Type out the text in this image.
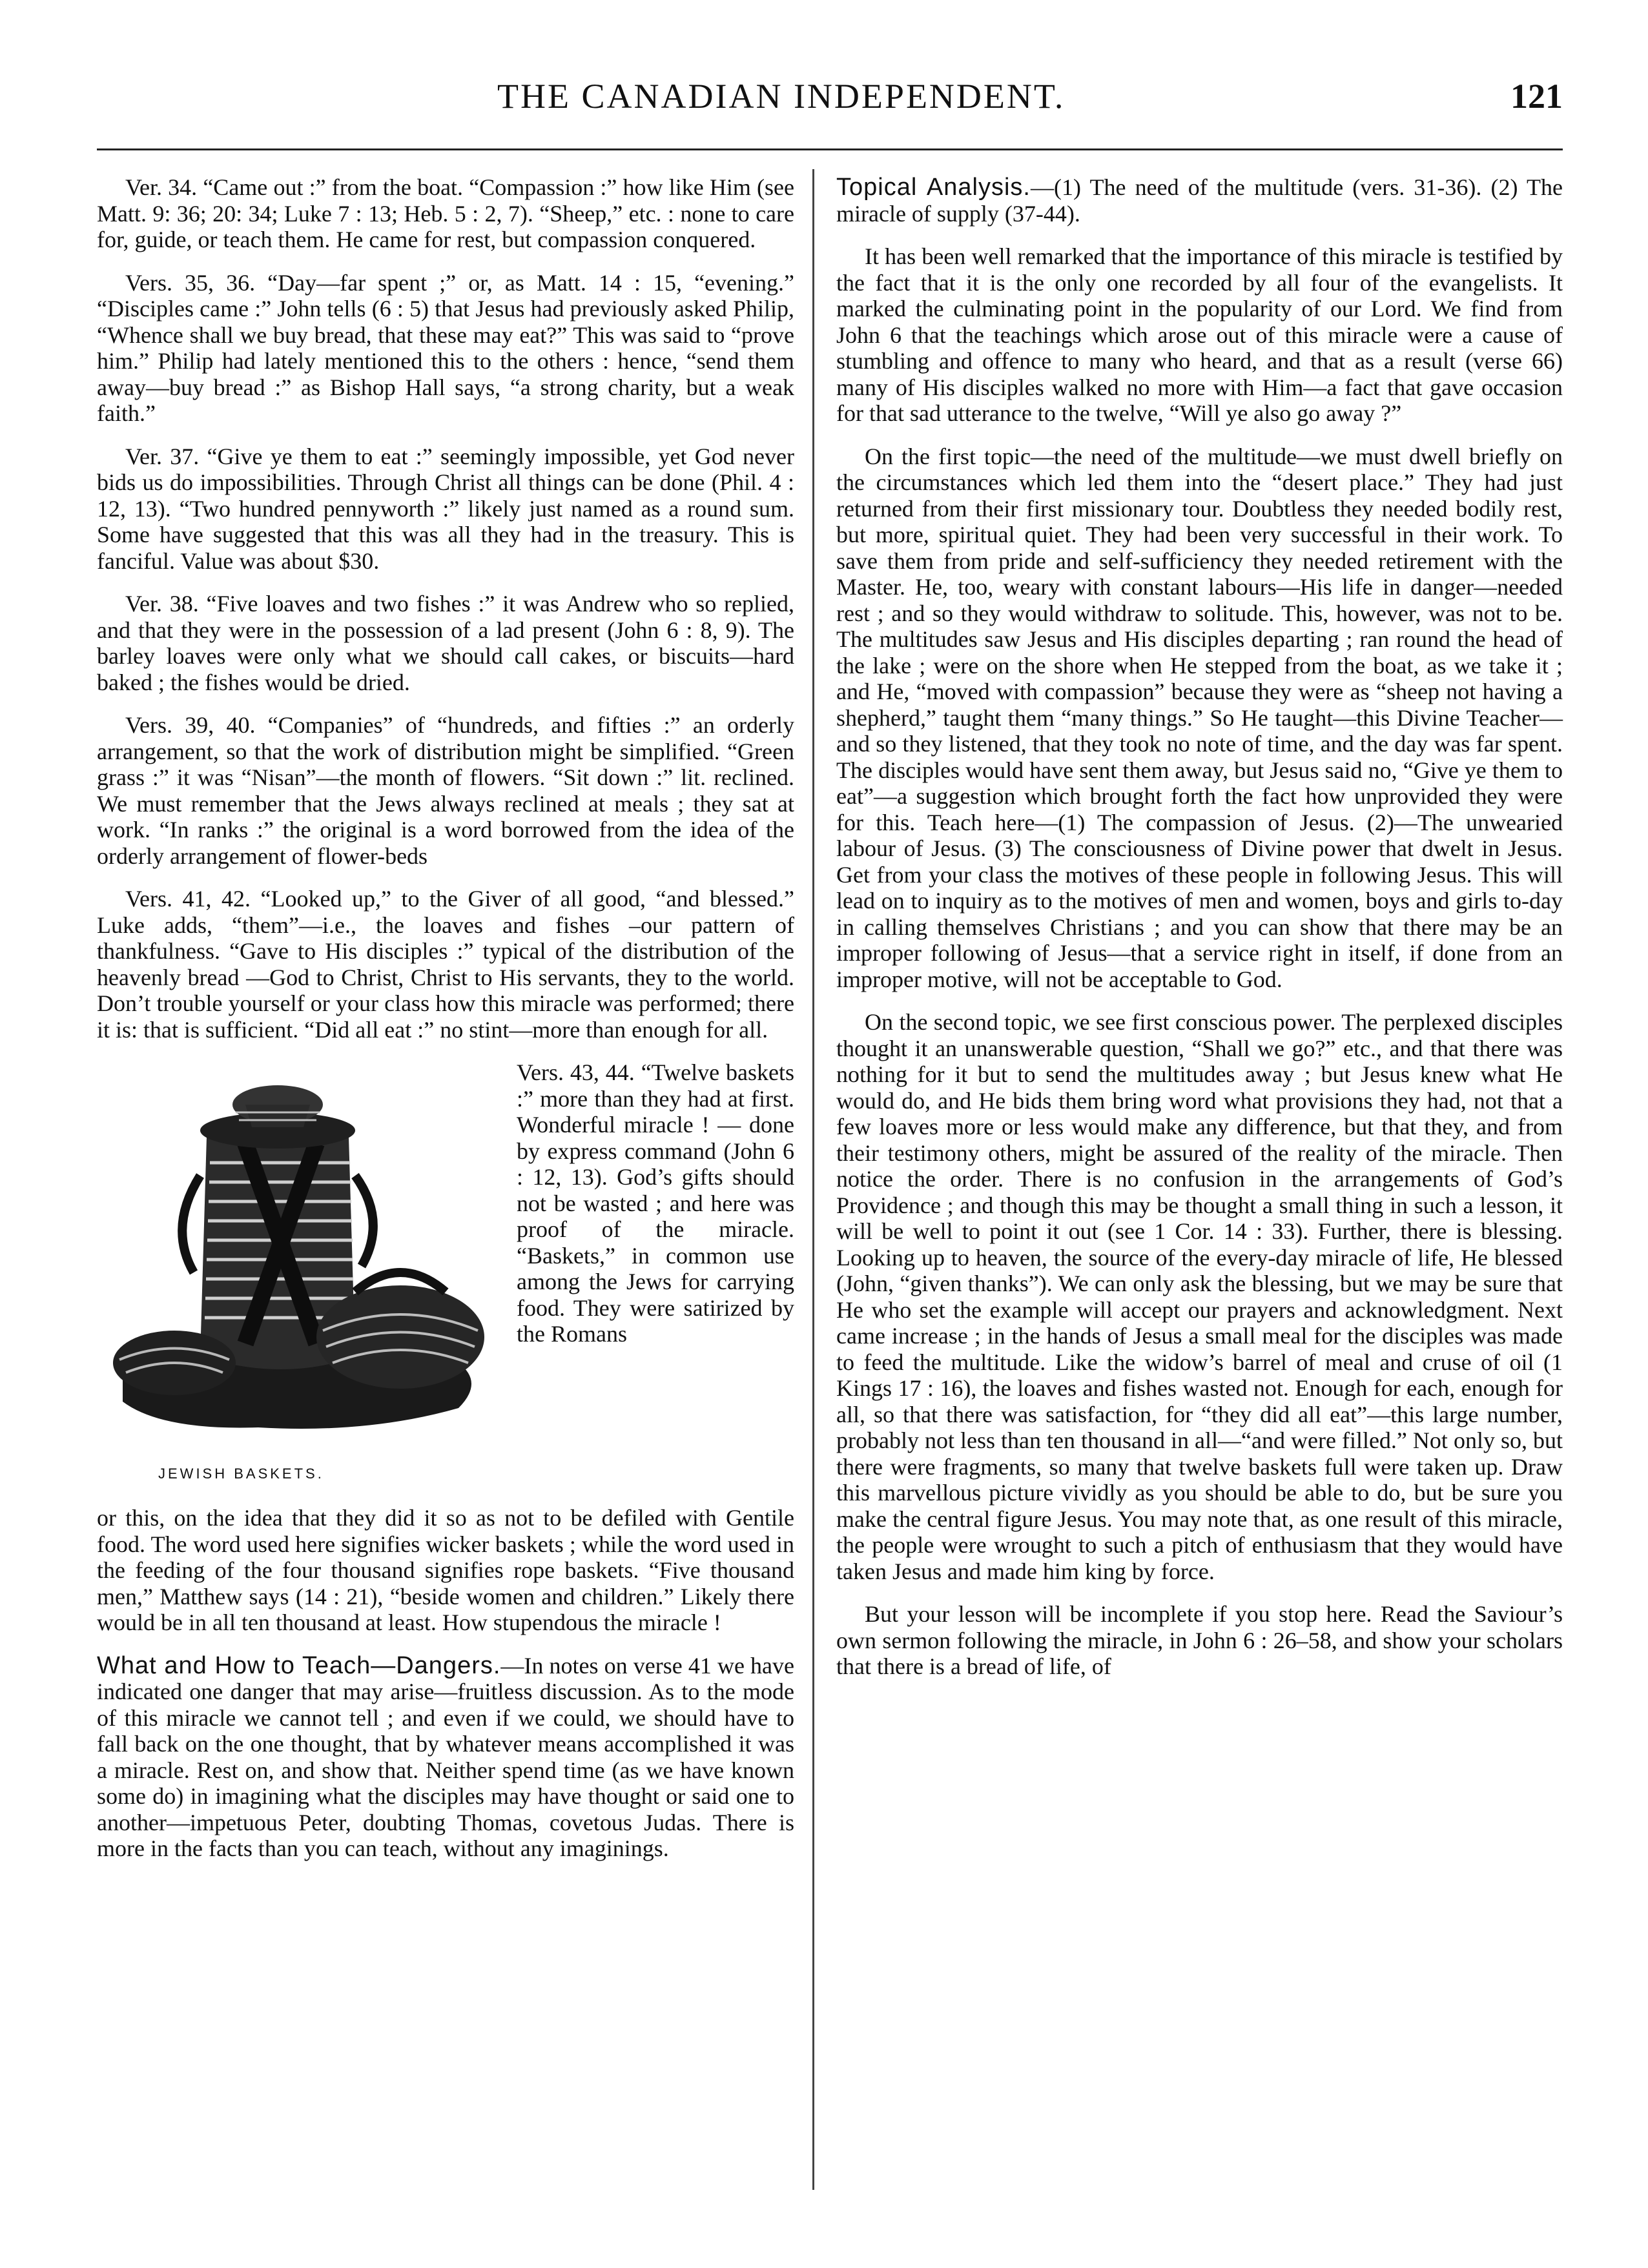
THE CANADIAN INDEPENDENT.	121

Ver. 34. “Came out :” from the boat. “Compassion :” how like Him (see Matt. 9: 36; 20: 34; Luke 7 : 13; Heb. 5 : 2, 7). “Sheep,” etc. : none to care for, guide, or teach them. He came for rest, but compassion conquered.

Vers. 35, 36. “Day—far spent ;” or, as Matt. 14 : 15, “evening.” “Disciples came :” John tells (6 : 5) that Jesus had previously asked Philip, “Whence shall we buy bread, that these may eat?” This was said to “prove him.” Philip had lately mentioned this to the others : hence, “send them away—buy bread :” as Bishop Hall says, “a strong charity, but a weak faith.”

Ver. 37. “Give ye them to eat :” seemingly impossible, yet God never bids us do impossibilities. Through Christ all things can be done (Phil. 4 : 12, 13). “Two hundred pennyworth :” likely just named as a round sum. Some have suggested that this was all they had in the treasury. This is fanciful. Value was about $30.

Ver. 38. “Five loaves and two fishes :” it was Andrew who so replied, and that they were in the possession of a lad present (John 6 : 8, 9). The barley loaves were only what we should call cakes, or biscuits—hard baked ; the fishes would be dried.

Vers. 39, 40. “Companies” of “hundreds, and fifties :” an orderly arrangement, so that the work of distribution might be simplified. “Green grass :” it was “Nisan”—the month of flowers. “Sit down :” lit. reclined. We must remember that the Jews always reclined at meals ; they sat at work. “In ranks :” the original is a word borrowed from the idea of the orderly arrangement of flower-beds

Vers. 41, 42. “Looked up,” to the Giver of all good, “and blessed.” Luke adds, “them”—i.e., the loaves and fishes –our pattern of thankfulness. “Gave to His disciples :” typical of the distribution of the heavenly bread —God to Christ, Christ to His servants, they to the world. Don’t trouble yourself or your class how this miracle was performed; there it is: that is sufficient. “Did all eat :” no stint—more than enough for all.

JEWISH BASKETS.
Vers. 43, 44. “Twelve baskets :” more than they had at first. Wonderful miracle ! — done by express command (John 6 : 12, 13). God’s gifts should not be wasted ; and here was proof of the miracle. “Baskets,” in common use among the Jews for carrying food. They were satirized by the Romans

or this, on the idea that they did it so as not to be defiled with Gentile food. The word used here signifies wicker baskets ; while the word used in the feeding of the four thousand signifies rope baskets. “Five thousand men,” Matthew says (14 : 21), “beside women and children.” Likely there would be in all ten thousand at least. How stupendous the miracle !

What and How to Teach—Dangers.—In notes on verse 41 we have indicated one danger that may arise—fruitless discussion. As to the mode of this miracle we cannot tell ; and even if we could, we should have to fall back on the one thought, that by whatever means accomplished it was a miracle. Rest on, and show that. Neither spend time (as we have known some do) in imagining what the disciples may have thought or said one to another—impetuous Peter, doubting Thomas, covetous Judas. There is more in the facts than you can teach, without any imaginings.

Topical Analysis.—(1) The need of the multitude (vers. 31-36). (2) The miracle of supply (37-44).

It has been well remarked that the importance of this miracle is testified by the fact that it is the only one recorded by all four of the evangelists. It marked the culminating point in the popularity of our Lord. We find from John 6 that the teachings which arose out of this miracle were a cause of stumbling and offence to many who heard, and that as a result (verse 66) many of His disciples walked no more with Him—a fact that gave occasion for that sad utterance to the twelve, “Will ye also go away ?”

On the first topic—the need of the multitude—we must dwell briefly on the circumstances which led them into the “desert place.” They had just returned from their first missionary tour. Doubtless they needed bodily rest, but more, spiritual quiet. They had been very successful in their work. To save them from pride and self-sufficiency they needed retirement with the Master. He, too, weary with constant labours—His life in danger—needed rest ; and so they would withdraw to solitude. This, however, was not to be. The multitudes saw Jesus and His disciples departing ; ran round the head of the lake ; were on the shore when He stepped from the boat, as we take it ; and He, “moved with compassion” because they were as “sheep not having a shepherd,” taught them “many things.” So He taught—this Divine Teacher—and so they listened, that they took no note of time, and the day was far spent. The disciples would have sent them away, but Jesus said no, “Give ye them to eat”—a suggestion which brought forth the fact how unprovided they were for this. Teach here—(1) The compassion of Jesus. (2)—The unwearied labour of Jesus. (3) The consciousness of Divine power that dwelt in Jesus. Get from your class the motives of these people in following Jesus. This will lead on to inquiry as to the motives of men and women, boys and girls to-day in calling themselves Christians ; and you can show that there may be an improper following of Jesus—that a service right in itself, if done from an improper motive, will not be acceptable to God.

On the second topic, we see first conscious power. The perplexed disciples thought it an unanswerable question, “Shall we go?” etc., and that there was nothing for it but to send the multitudes away ; but Jesus knew what He would do, and He bids them bring word what provisions they had, not that a few loaves more or less would make any difference, but that they, and from their testimony others, might be assured of the reality of the miracle. Then notice the order. There is no confusion in the arrangements of God’s Providence ; and though this may be thought a small thing in such a lesson, it will be well to point it out (see 1 Cor. 14 : 33). Further, there is blessing. Looking up to heaven, the source of the every-day miracle of life, He blessed (John, “given thanks”). We can only ask the blessing, but we may be sure that He who set the example will accept our prayers and acknowledgment. Next came increase ; in the hands of Jesus a small meal for the disciples was made to feed the multitude. Like the widow’s barrel of meal and cruse of oil (1 Kings 17 : 16), the loaves and fishes wasted not. Enough for each, enough for all, so that there was satisfaction, for “they did all eat”—this large number, probably not less than ten thousand in all—“and were filled.” Not only so, but there were fragments, so many that twelve baskets full were taken up. Draw this marvellous picture vividly as you should be able to do, but be sure you make the central figure Jesus. You may note that, as one result of this miracle, the people were wrought to such a pitch of enthusiasm that they would have taken Jesus and made him king by force.

But your lesson will be incomplete if you stop here. Read the Saviour’s own sermon following the miracle, in John 6 : 26–58, and show your scholars that there is a bread of life, of
